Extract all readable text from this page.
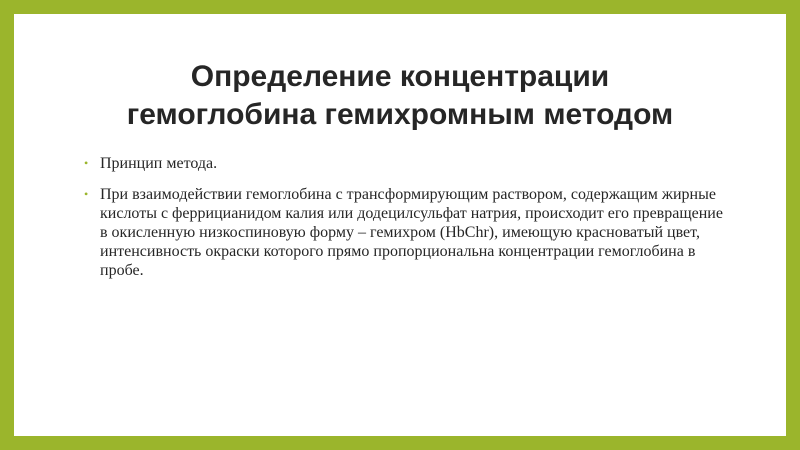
Определение концентрации
гемоглобина гемихромным методом
• Принцип метода.
• При взаимодействии гемоглобина с трансформирующим раствором, содержащим жирные кислоты с феррицианидом калия или додецилсульфат натрия, происходит его превращение в окисленную низкоспиновую форму – гемихром (HbChr), имеющую красноватый цвет, интенсивность окраски которого прямо пропорциональна концентрации гемоглобина в пробе.
